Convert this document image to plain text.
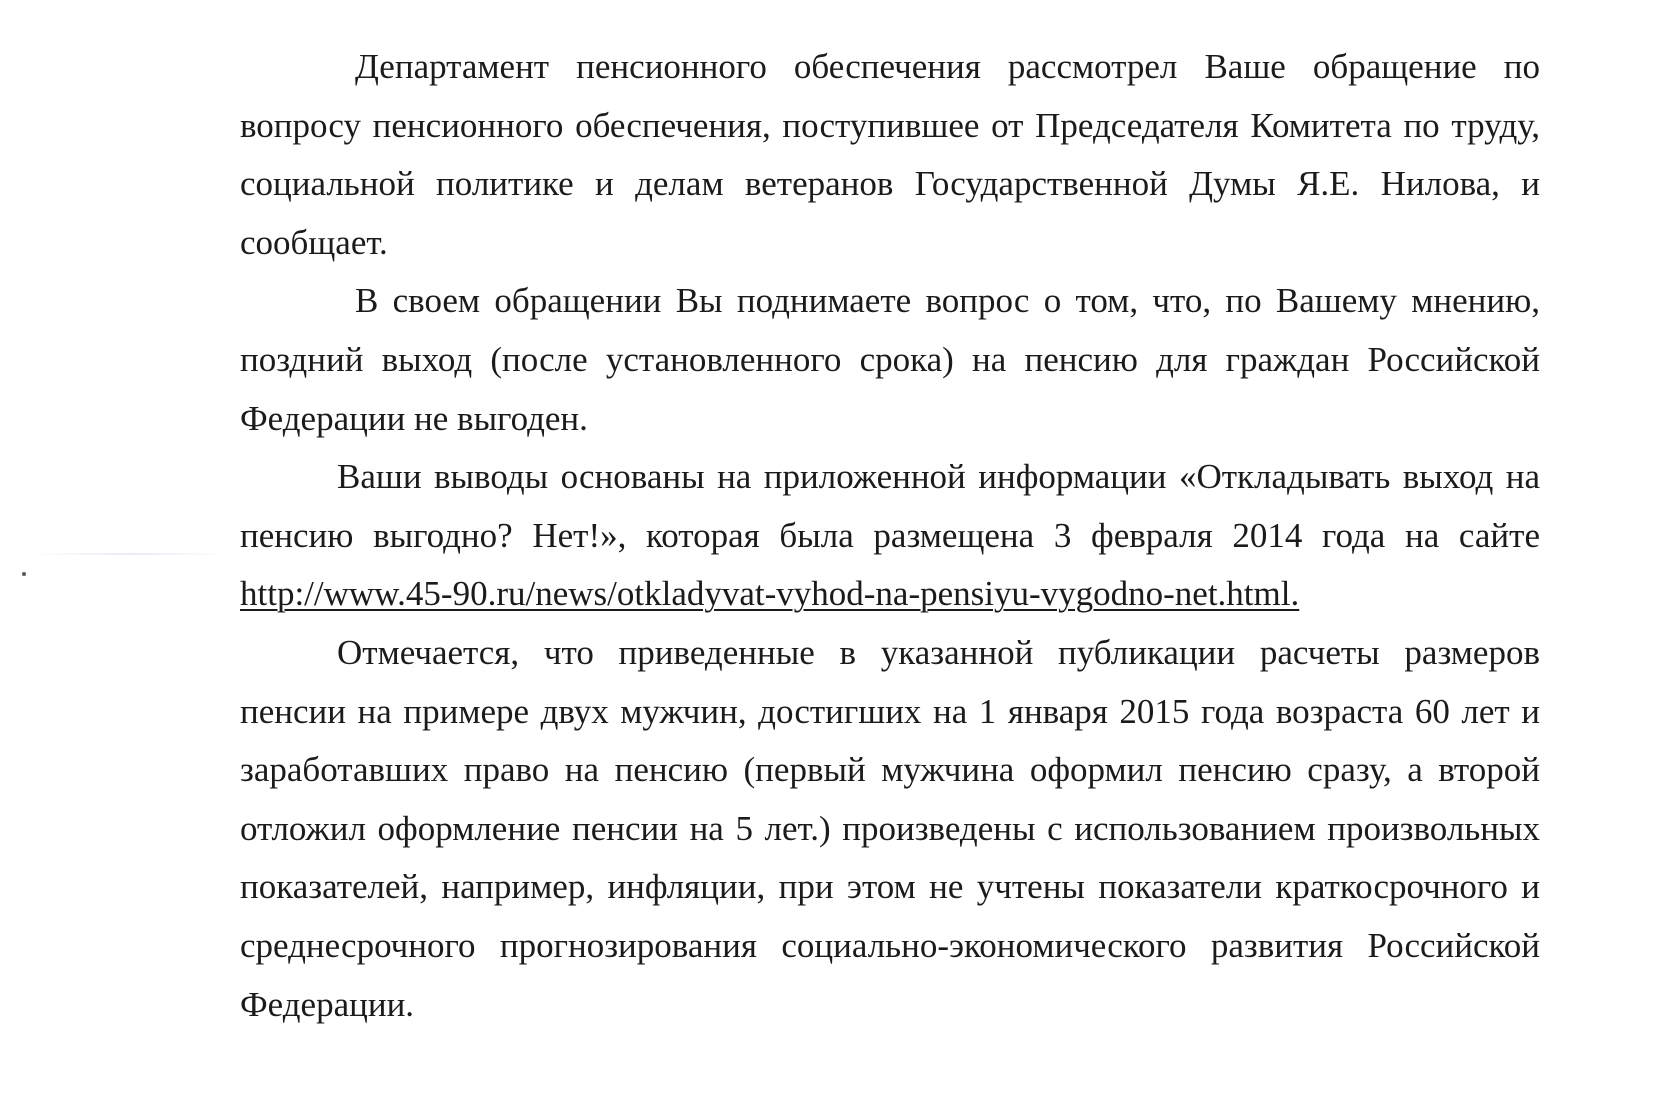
Департамент пенсионного обеспечения рассмотрел Ваше обращение по вопросу пенсионного обеспечения, поступившее от Председателя Комитета по труду, социальной политике и делам ветеранов Государственной Думы Я.Е. Нилова, и сообщает.

В своем обращении Вы поднимаете вопрос о том, что, по Вашему мнению, поздний выход (после установленного срока) на пенсию для граждан Российской Федерации не выгоден.

Ваши выводы основаны на приложенной информации «Откладывать выход на пенсию выгодно? Нет!», которая была размещена 3 февраля 2014 года на сайте http://www.45-90.ru/news/otkladyvat-vyhod-na-pensiyu-vygodno-net.html.

Отмечается, что приведенные в указанной публикации расчеты размеров пенсии на примере двух мужчин, достигших на 1 января 2015 года возраста 60 лет и заработавших право на пенсию (первый мужчина оформил пенсию сразу, а второй отложил оформление пенсии на 5 лет.) произведены с использованием произвольных показателей, например, инфляции, при этом не учтены показатели краткосрочного и среднесрочного прогнозирования социально-экономического развития Российской Федерации.
